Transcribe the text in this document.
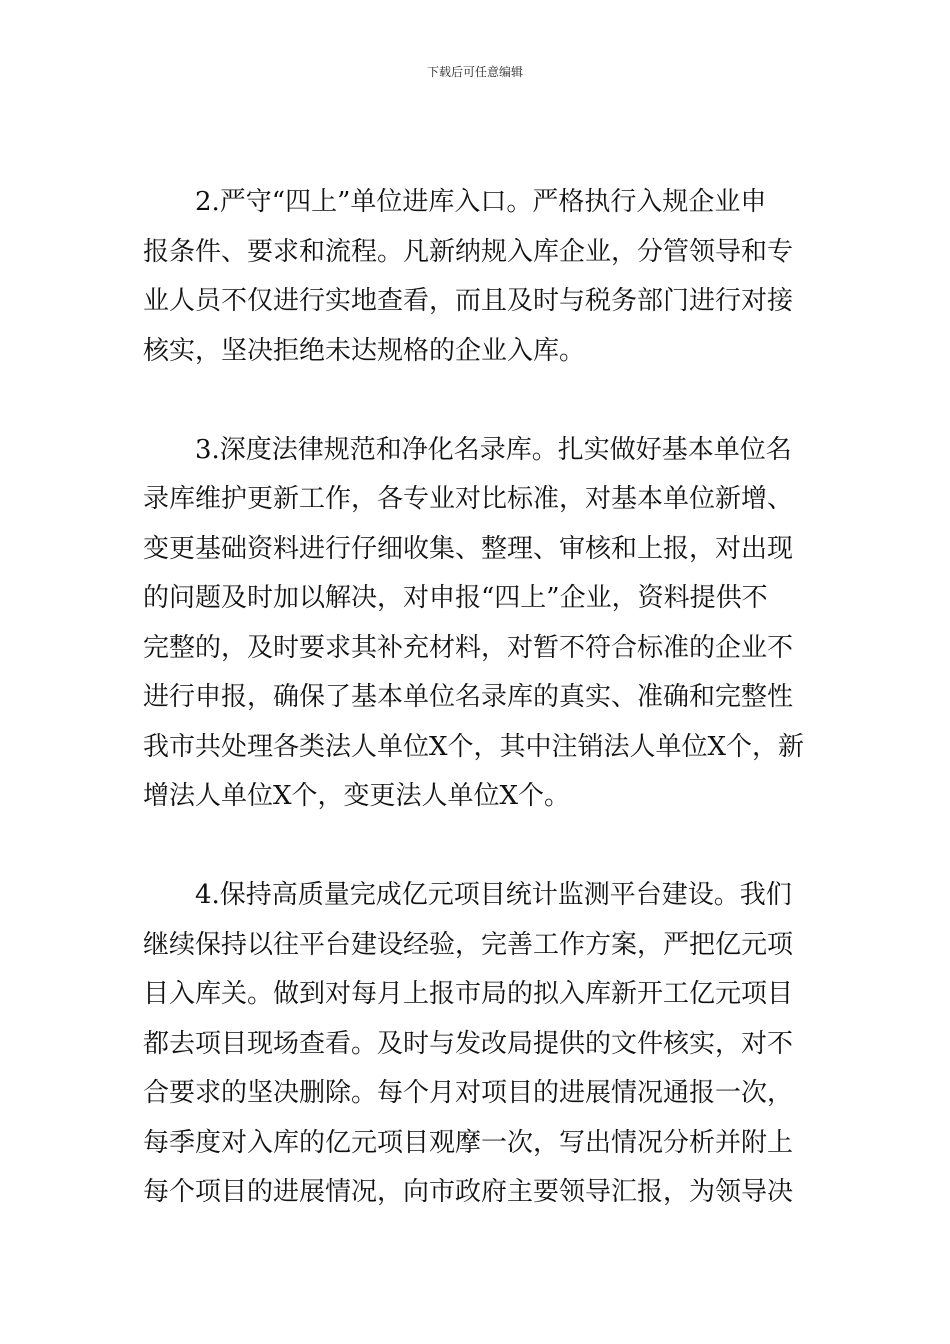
下载后可任意编辑
2.严守“四上”单位进库入口。严格执行入规企业申
报条件、要求和流程。凡新纳规入库企业，分管领导和专
业人员不仅进行实地查看，而且及时与税务部门进行对接
核实，坚决拒绝未达规格的企业入库。
3.深度法律规范和净化名录库。扎实做好基本单位名
录库维护更新工作，各专业对比标准，对基本单位新增、
变更基础资料进行仔细收集、整理、审核和上报，对出现
的问题及时加以解决，对申报“四上”企业，资料提供不
完整的，及时要求其补充材料，对暂不符合标准的企业不
进行申报，确保了基本单位名录库的真实、准确和完整性
我市共处理各类法人单位X个，其中注销法人单位X个，新
增法人单位X个，变更法人单位X个。
4.保持高质量完成亿元项目统计监测平台建设。我们
继续保持以往平台建设经验，完善工作方案，严把亿元项
目入库关。做到对每月上报市局的拟入库新开工亿元项目
都去项目现场查看。及时与发改局提供的文件核实，对不
合要求的坚决删除。每个月对项目的进展情况通报一次，
每季度对入库的亿元项目观摩一次，写出情况分析并附上
每个项目的进展情况，向市政府主要领导汇报，为领导决
